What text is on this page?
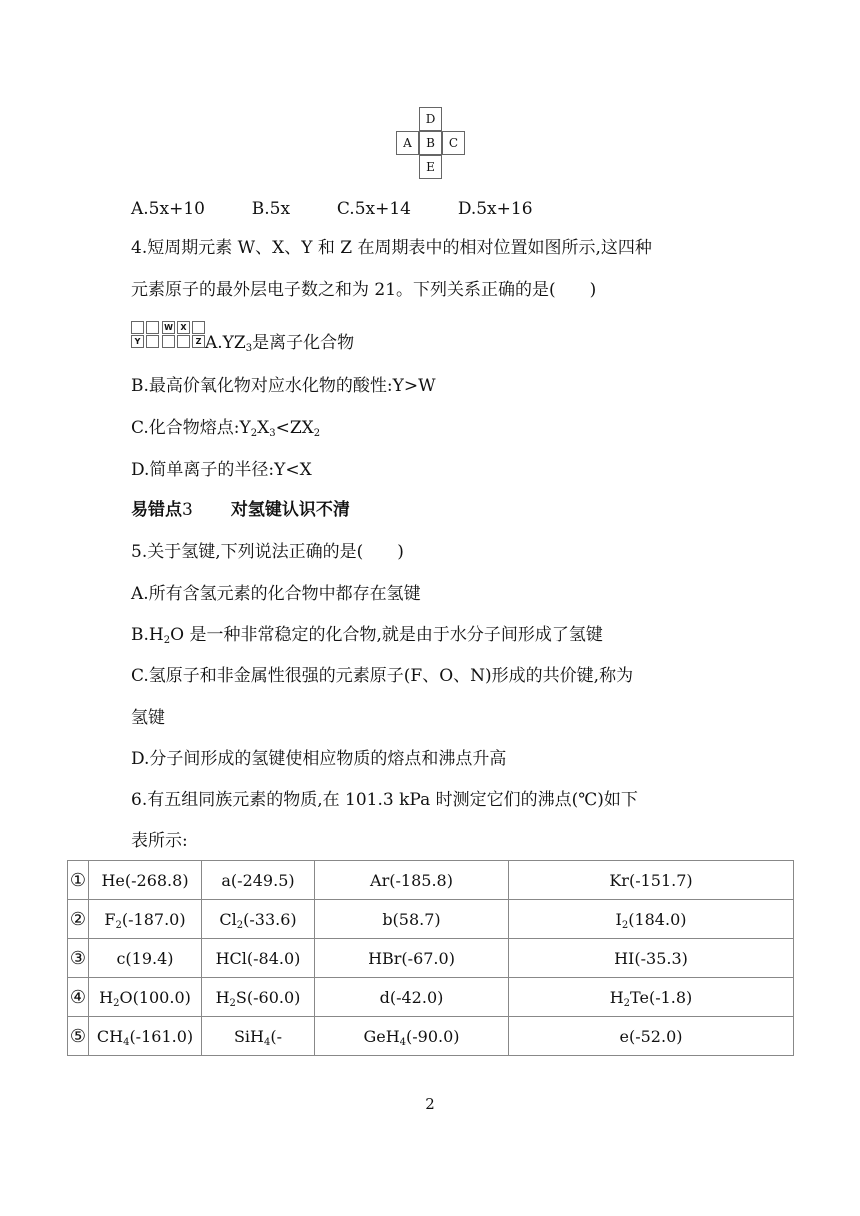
D
A	B	C
E
A.5x+10	B.5x	C.5x+14	D.5x+16
4.短周期元素 W、X、Y 和 Z 在周期表中的相对位置如图所示,这四种
元素原子的最外层电子数之和为 21。下列关系正确的是(　　)
W X
Y	Z $A.YZ_3$是离子化合物
B.最高价氧化物对应水化物的酸性:Y>W
C.化合物熔点$:Y_2X_3<ZX_2$
D.简单离子的半径:Y<X
易错点3 对氢键认识不清
5.关于氢键,下列说法正确的是(　　)
A.所有含氢元素的化合物中都存在氢键
$B.H_2O$ 是一种非常稳定的化合物,就是由于水分子间形成了氢键
C.氢原子和非金属性很强的元素原子(F、O、N)形成的共价键,称为
氢键
D.分子间形成的氢键使相应物质的熔点和沸点升高
6.有五组同族元素的物质,在 101.3 kPa 时测定它们的沸点(℃)如下
表所示:
①	He(-268.8)	a(-249.5)	Ar(-185.8)	Kr(-151.7)
②	$F_2(-187.0)$	$Cl_2(-33.6)$	b(58.7)	$I_2(184.0)$
③	c(19.4)	HCl(-84.0)	HBr(-67.0)	HI(-35.3)
④	$H_2O(100.0)$	$H_2S(-60.0)$	d(-42.0)	$H_2Te(-1.8)$
⑤	$CH_4(-161.0)$	SiH$_4$(-	GeH$_4$(-90.0)	e(-52.0)
2
